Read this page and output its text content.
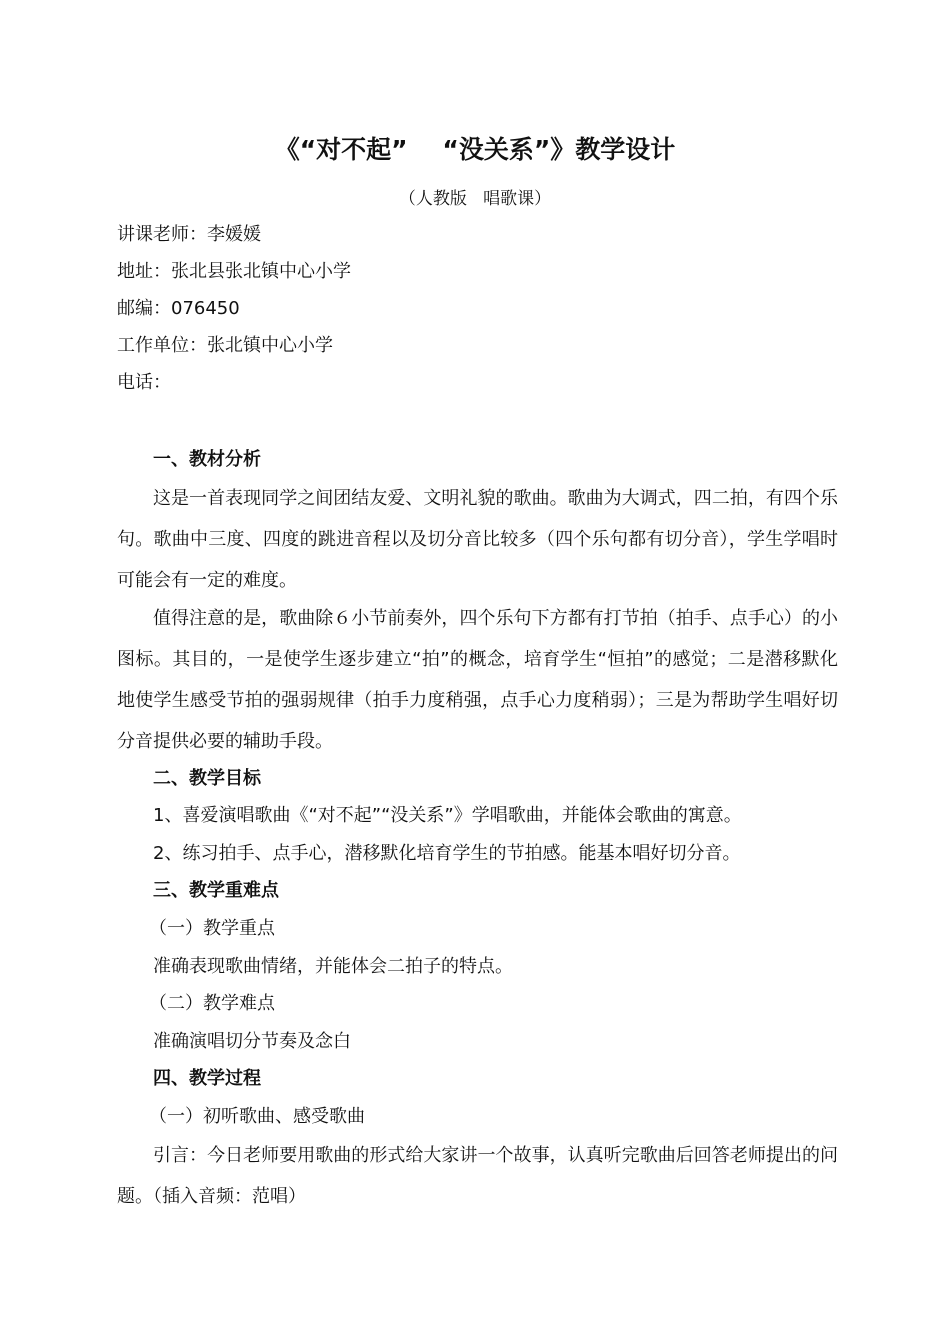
《“对不起”    “没关系”》教学设计
（人教版   唱歌课）
讲课老师：李媛媛
地址：张北县张北镇中心小学
邮编：076450
工作单位：张北镇中心小学
电话：
一、教材分析
这是一首表现同学之间团结友爱、文明礼貌的歌曲。歌曲为大调式，四二拍，有四个乐句。歌曲中三度、四度的跳进音程以及切分音比较多（四个乐句都有切分音），学生学唱时可能会有一定的难度。
值得注意的是，歌曲除６小节前奏外，四个乐句下方都有打节拍（拍手、点手心）的小图标。其目的，一是使学生逐步建立“拍”的概念，培育学生“恒拍”的感觉；二是潜移默化地使学生感受节拍的强弱规律（拍手力度稍强，点手心力度稍弱）；三是为帮助学生唱好切分音提供必要的辅助手段。
二、教学目标
1、喜爱演唱歌曲《“对不起”“没关系”》学唱歌曲，并能体会歌曲的寓意。
2、练习拍手、点手心，潜移默化培育学生的节拍感。能基本唱好切分音。
三、教学重难点
（一）教学重点
准确表现歌曲情绪，并能体会二拍子的特点。
（二）教学难点
准确演唱切分节奏及念白
四、教学过程
（一）初听歌曲、感受歌曲
引言：今日老师要用歌曲的形式给大家讲一个故事，认真听完歌曲后回答老师提出的问题。（插入音频：范唱）
